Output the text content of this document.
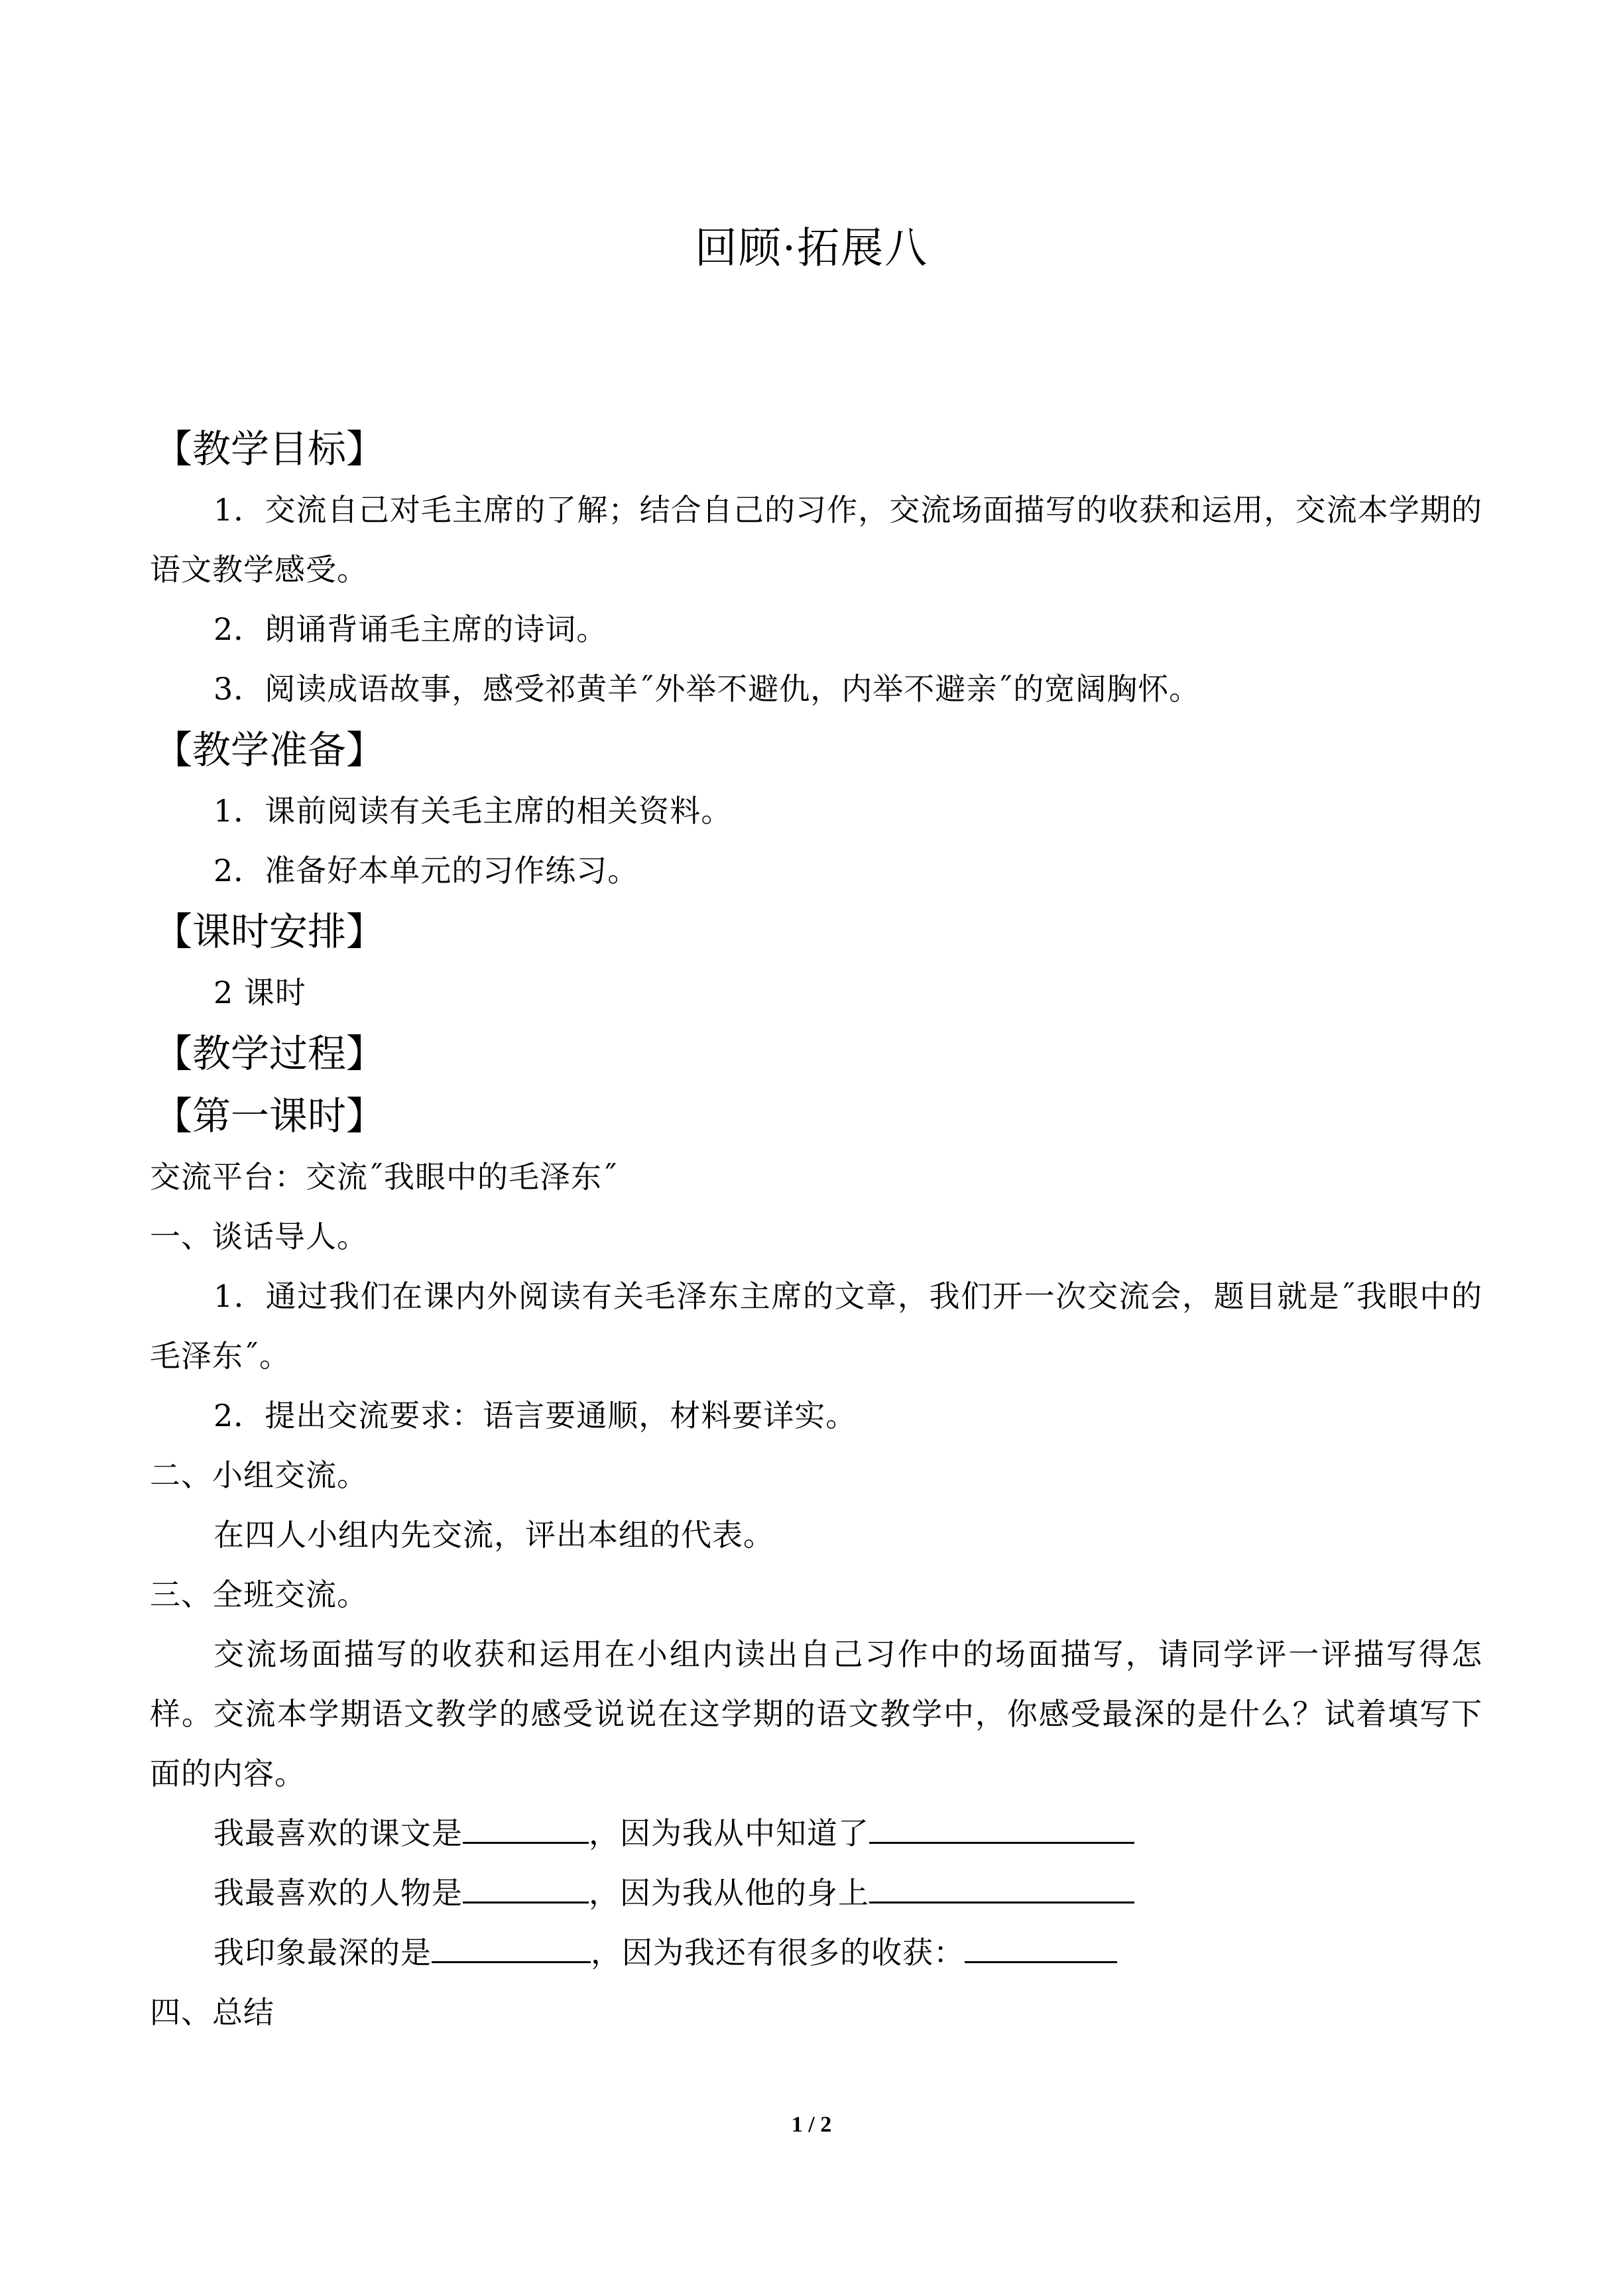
回顾·拓展八
【教学目标】
1．交流自己对毛主席的了解；结合自己的习作，交流场面描写的收获和运用，交流本学期的语文教学感受。
2．朗诵背诵毛主席的诗词。
3．阅读成语故事，感受祁黄羊˝外举不避仇，内举不避亲˝的宽阔胸怀。
【教学准备】
1．课前阅读有关毛主席的相关资料。
2．准备好本单元的习作练习。
【课时安排】
2 课时
【教学过程】
【第一课时】
交流平台：交流˝我眼中的毛泽东˝
一、谈话导人。
1．通过我们在课内外阅读有关毛泽东主席的文章，我们开一次交流会，题目就是˝我眼中的毛泽东˝。
2．提出交流要求：语言要通顺，材料要详实。
二、小组交流。
在四人小组内先交流，评出本组的代表。
三、全班交流。
交流场面描写的收获和运用在小组内读出自己习作中的场面描写，请同学评一评描写得怎样。交流本学期语文教学的感受说说在这学期的语文教学中，你感受最深的是什么？试着填写下面的内容。
我最喜欢的课文是	，因为我从中知道了
我最喜欢的人物是	，因为我从他的身上
我印象最深的是	，因为我还有很多的收获：
四、总结
1 / 2
